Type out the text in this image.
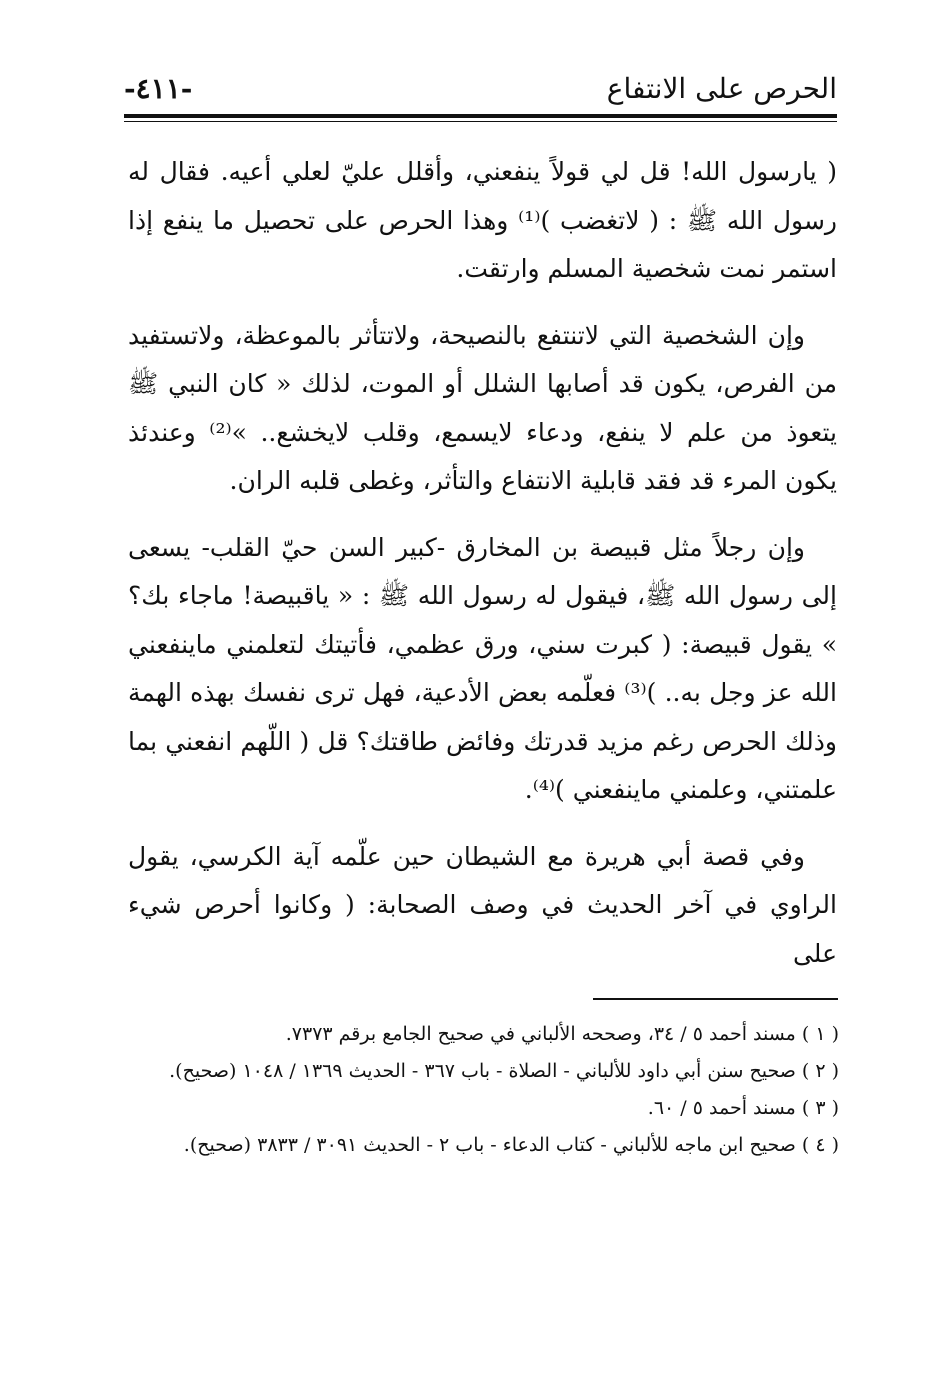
الحرص على الانتفاع
-٤١١-

( يارسول الله! قل لي قولاً ينفعني، وأقلل عليّ لعلي أعيه. فقال له رسول الله ﷺ : ( لاتغضب )⁽¹⁾ وهذا الحرص على تحصيل ما ينفع إذا استمر نمت شخصية المسلم وارتقت.

وإن الشخصية التي لاتنتفع بالنصيحة، ولاتتأثر بالموعظة، ولاتستفيد من الفرص، يكون قد أصابها الشلل أو الموت، لذلك « كان النبي ﷺ يتعوذ من علم لا ينفع، ودعاء لايسمع، وقلب لايخشع.. »⁽²⁾ وعندئذ يكون المرء قد فقد قابلية الانتفاع والتأثر، وغطى قلبه الران.

وإن رجلاً مثل قبيصة بن المخارق -كبير السن حيّ القلب- يسعى إلى رسول الله ﷺ، فيقول له رسول الله ﷺ : « ياقبيصة! ماجاء بك؟ » يقول قبيصة: ( كبرت سني، ورق عظمي، فأتيتك لتعلمني ماينفعني الله عز وجل به.. )⁽³⁾ فعلّمه بعض الأدعية، فهل ترى نفسك بهذه الهمة وذلك الحرص رغم مزيد قدرتك وفائض طاقتك؟ قل ( اللّهم انفعني بما علمتني، وعلمني ماينفعني )⁽⁴⁾.

وفي قصة أبي هريرة مع الشيطان حين علّمه آية الكرسي، يقول الراوي في آخر الحديث في وصف الصحابة: ( وكانوا أحرص شيء على

( ١ )مسند أحمد ٥ / ٣٤، وصححه الألباني في صحيح الجامع برقم ٧٣٧٣.
( ٢ )صحيح سنن أبي داود للألباني - الصلاة - باب ٣٦٧ - الحديث ١٣٦٩ / ١٠٤٨ (صحيح).
( ٣ )مسند أحمد ٥ / ٦٠.
( ٤ )صحيح ابن ماجه للألباني - كتاب الدعاء - باب ٢ - الحديث ٣٠٩١ / ٣٨٣٣ (صحيح).
